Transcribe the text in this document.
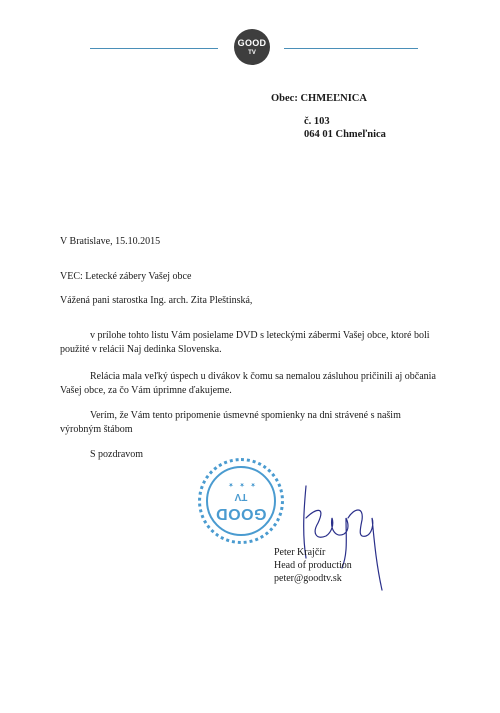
GOOD
TV
Obec: CHMEĽNICA
č. 103
064 01 Chmeľnica
V Bratislave, 15.10.2015
VEC: Letecké zábery Vašej obce
Vážená pani starostka Ing. arch. Zita Pleštinská,
v prílohe tohto listu Vám posielame DVD s leteckými zábermi Vašej obce, ktoré boli
použité v relácii Naj dedinka Slovenska.
Relácia mala veľký úspech u divákov k čomu sa nemalou zásluhou pričinili aj občania
Vašej obce, za čo Vám úprimne ďakujeme.
Verím, že Vám tento pripomenie úsmevné spomienky na dni strávené s našim
výrobným štábom
S pozdravom
GOOD
TV
★ ★ ★
Peter Krajčír
Head of production
peter@goodtv.sk
